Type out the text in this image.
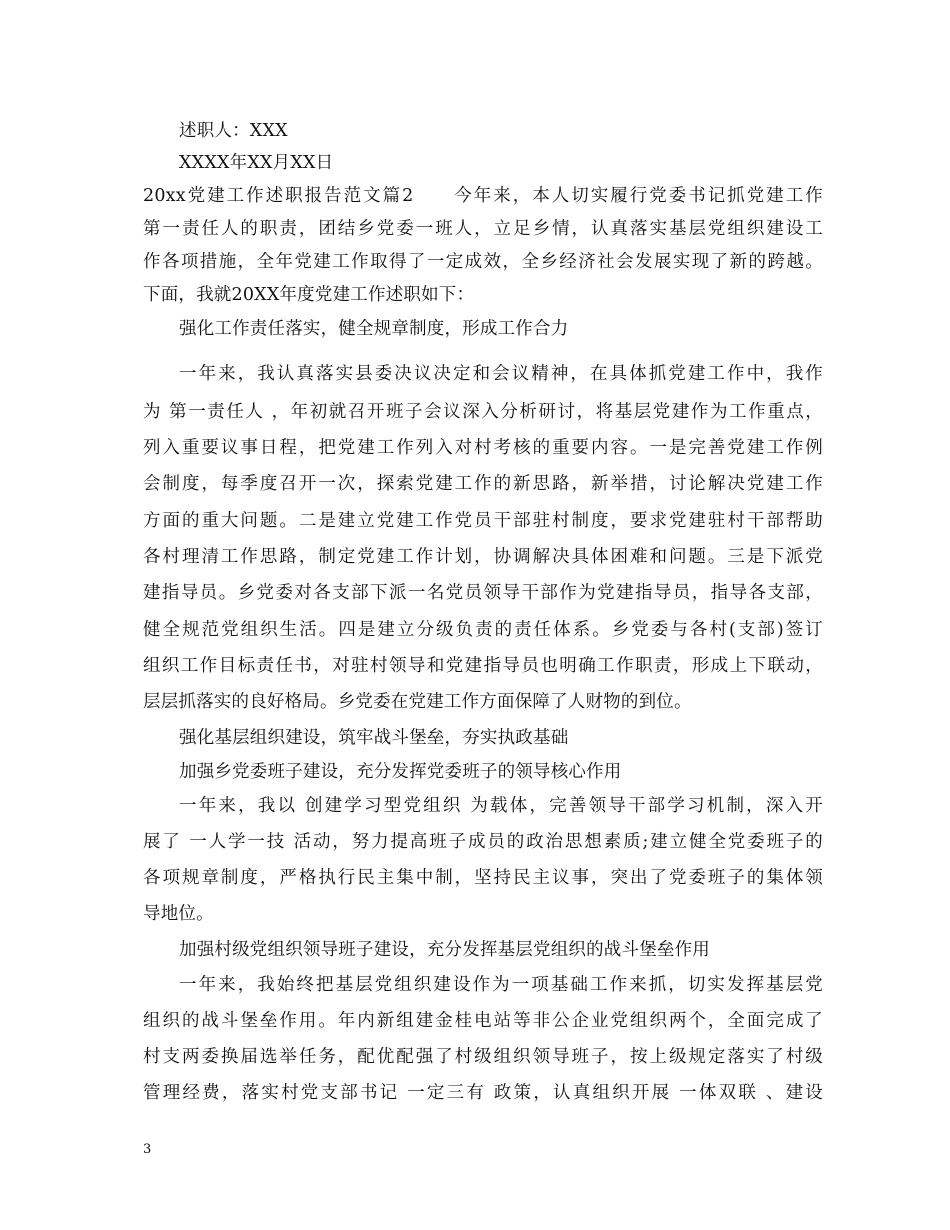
述职人：XXX
XXXX年XX月XX日
20xx党建工作述职报告范文篇2　　今年来，本人切实履行党委书记抓党建工作
第一责任人的职责，团结乡党委一班人，立足乡情，认真落实基层党组织建设工
作各项措施，全年党建工作取得了一定成效，全乡经济社会发展实现了新的跨越。
下面，我就20XX年度党建工作述职如下：
强化工作责任落实，健全规章制度，形成工作合力
一年来，我认真落实县委决议决定和会议精神，在具体抓党建工作中，我作
为 第一责任人 ，年初就召开班子会议深入分析研讨，将基层党建作为工作重点，
列入重要议事日程，把党建工作列入对村考核的重要内容。一是完善党建工作例
会制度，每季度召开一次，探索党建工作的新思路，新举措，讨论解决党建工作
方面的重大问题。二是建立党建工作党员干部驻村制度，要求党建驻村干部帮助
各村理清工作思路，制定党建工作计划，协调解决具体困难和问题。三是下派党
建指导员。乡党委对各支部下派一名党员领导干部作为党建指导员，指导各支部，
健全规范党组织生活。四是建立分级负责的责任体系。乡党委与各村(支部)签订
组织工作目标责任书，对驻村领导和党建指导员也明确工作职责，形成上下联动，
层层抓落实的良好格局。乡党委在党建工作方面保障了人财物的到位。
强化基层组织建设，筑牢战斗堡垒，夯实执政基础
加强乡党委班子建设，充分发挥党委班子的领导核心作用
一年来，我以 创建学习型党组织 为载体，完善领导干部学习机制，深入开
展了 一人学一技 活动，努力提高班子成员的政治思想素质;建立健全党委班子的
各项规章制度，严格执行民主集中制，坚持民主议事，突出了党委班子的集体领
导地位。
加强村级党组织领导班子建设，充分发挥基层党组织的战斗堡垒作用
一年来，我始终把基层党组织建设作为一项基础工作来抓，切实发挥基层党
组织的战斗堡垒作用。年内新组建金桂电站等非公企业党组织两个，全面完成了
村支两委换届选举任务，配优配强了村级组织领导班子，按上级规定落实了村级
管理经费，落实村党支部书记 一定三有 政策，认真组织开展 一体双联 、建设
3
